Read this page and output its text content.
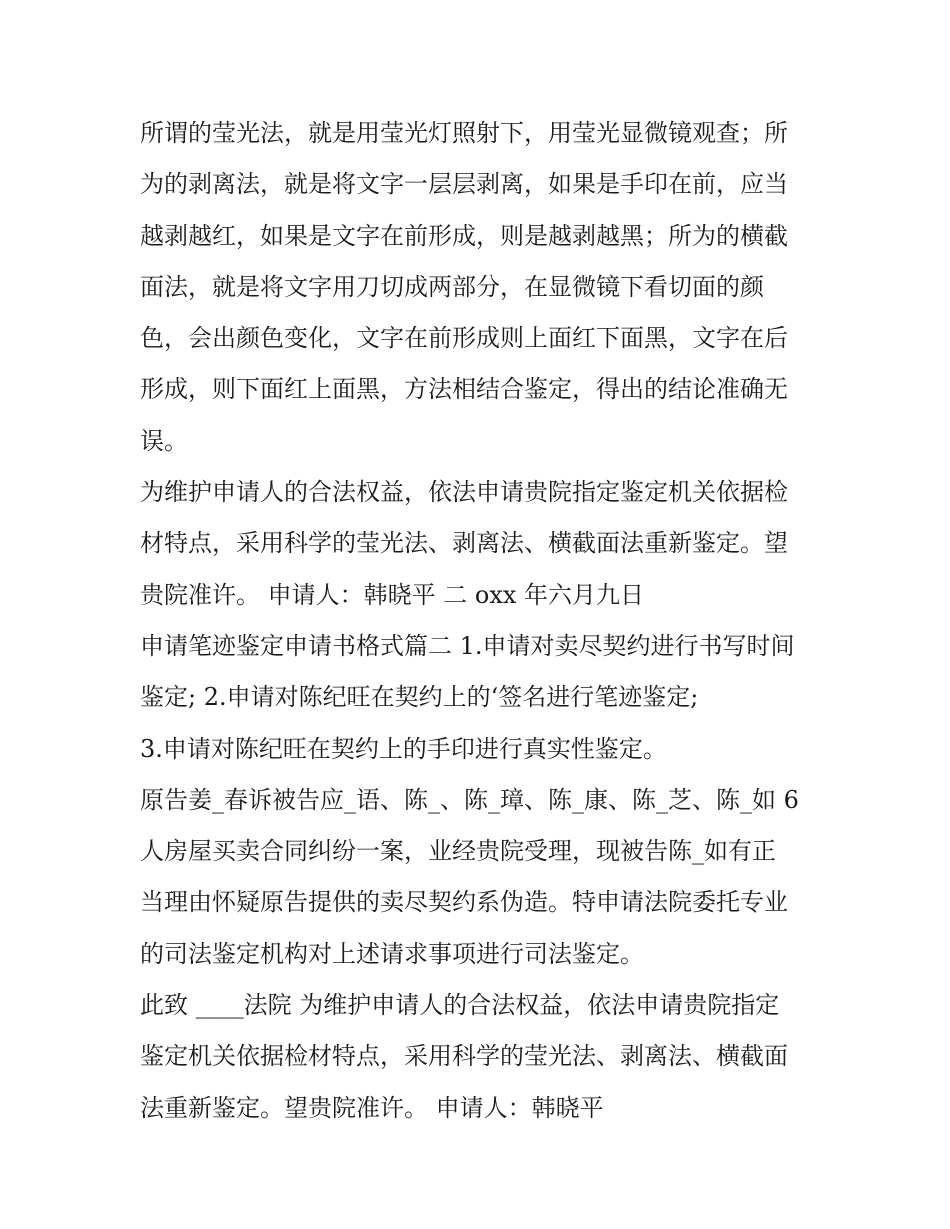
所谓的莹光法，就是用莹光灯照射下，用莹光显微镜观查；所
为的剥离法，就是将文字一层层剥离，如果是手印在前，应当
越剥越红，如果是文字在前形成，则是越剥越黑；所为的横截
面法，就是将文字用刀切成两部分，在显微镜下看切面的颜
色，会出颜色变化，文字在前形成则上面红下面黑，文字在后
形成，则下面红上面黑，方法相结合鉴定，得出的结论准确无
误。
为维护申请人的合法权益，依法申请贵院指定鉴定机关依据检
材特点，采用科学的莹光法、剥离法、横截面法重新鉴定。望
贵院准许。 申请人：韩晓平 二 oxx 年六月九日
申请笔迹鉴定申请书格式篇二 1.申请对卖尽契约进行书写时间
鉴定; 2.申请对陈纪旺在契约上的‘签名进行笔迹鉴定;
3.申请对陈纪旺在契约上的手印进行真实性鉴定。
原告姜_春诉被告应_语、陈_、陈_璋、陈_康、陈_芝、陈_如 6
人房屋买卖合同纠纷一案，业经贵院受理，现被告陈_如有正
当理由怀疑原告提供的卖尽契约系伪造。特申请法院委托专业
的司法鉴定机构对上述请求事项进行司法鉴定。
此致 ____法院 为维护申请人的合法权益，依法申请贵院指定
鉴定机关依据检材特点，采用科学的莹光法、剥离法、横截面
法重新鉴定。望贵院准许。 申请人：韩晓平
